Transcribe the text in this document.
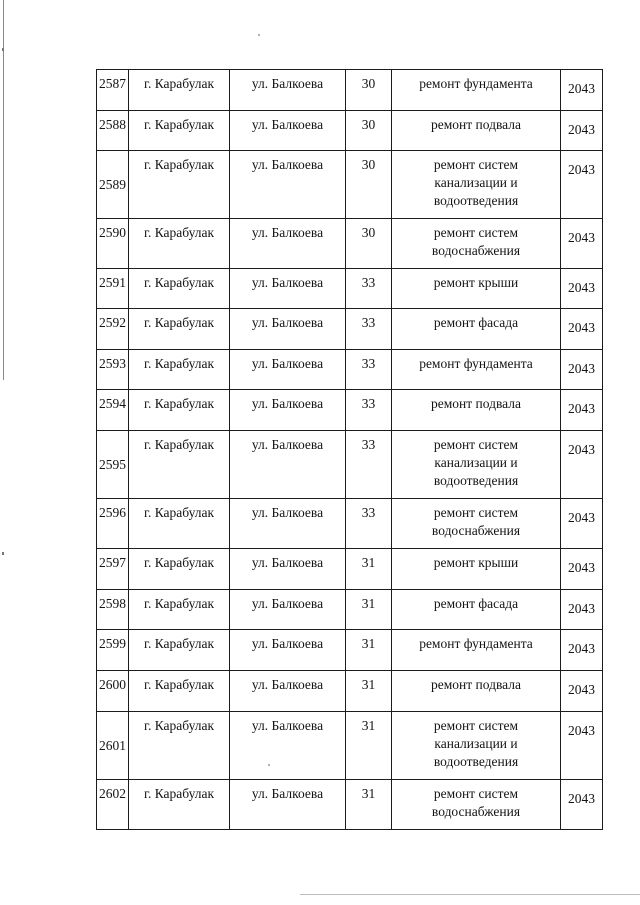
2587	г. Карабулак	ул. Балкоева	30	ремонт фундамента	2043
2588	г. Карабулак	ул. Балкоева	30	ремонт подвала	2043
2589	г. Карабулак	ул. Балкоева	30	ремонт систем
канализации и
водоотведения	2043
2590	г. Карабулак	ул. Балкоева	30	ремонт систем
водоснабжения	2043
2591	г. Карабулак	ул. Балкоева	33	ремонт крыши	2043
2592	г. Карабулак	ул. Балкоева	33	ремонт фасада	2043
2593	г. Карабулак	ул. Балкоева	33	ремонт фундамента	2043
2594	г. Карабулак	ул. Балкоева	33	ремонт подвала	2043
2595	г. Карабулак	ул. Балкоева	33	ремонт систем
канализации и
водоотведения	2043
2596	г. Карабулак	ул. Балкоева	33	ремонт систем
водоснабжения	2043
2597	г. Карабулак	ул. Балкоева	31	ремонт крыши	2043
2598	г. Карабулак	ул. Балкоева	31	ремонт фасада	2043
2599	г. Карабулак	ул. Балкоева	31	ремонт фундамента	2043
2600	г. Карабулак	ул. Балкоева	31	ремонт подвала	2043
2601	г. Карабулак	ул. Балкоева	31	ремонт систем
канализации и
водоотведения	2043
2602	г. Карабулак	ул. Балкоева	31	ремонт систем
водоснабжения	2043
